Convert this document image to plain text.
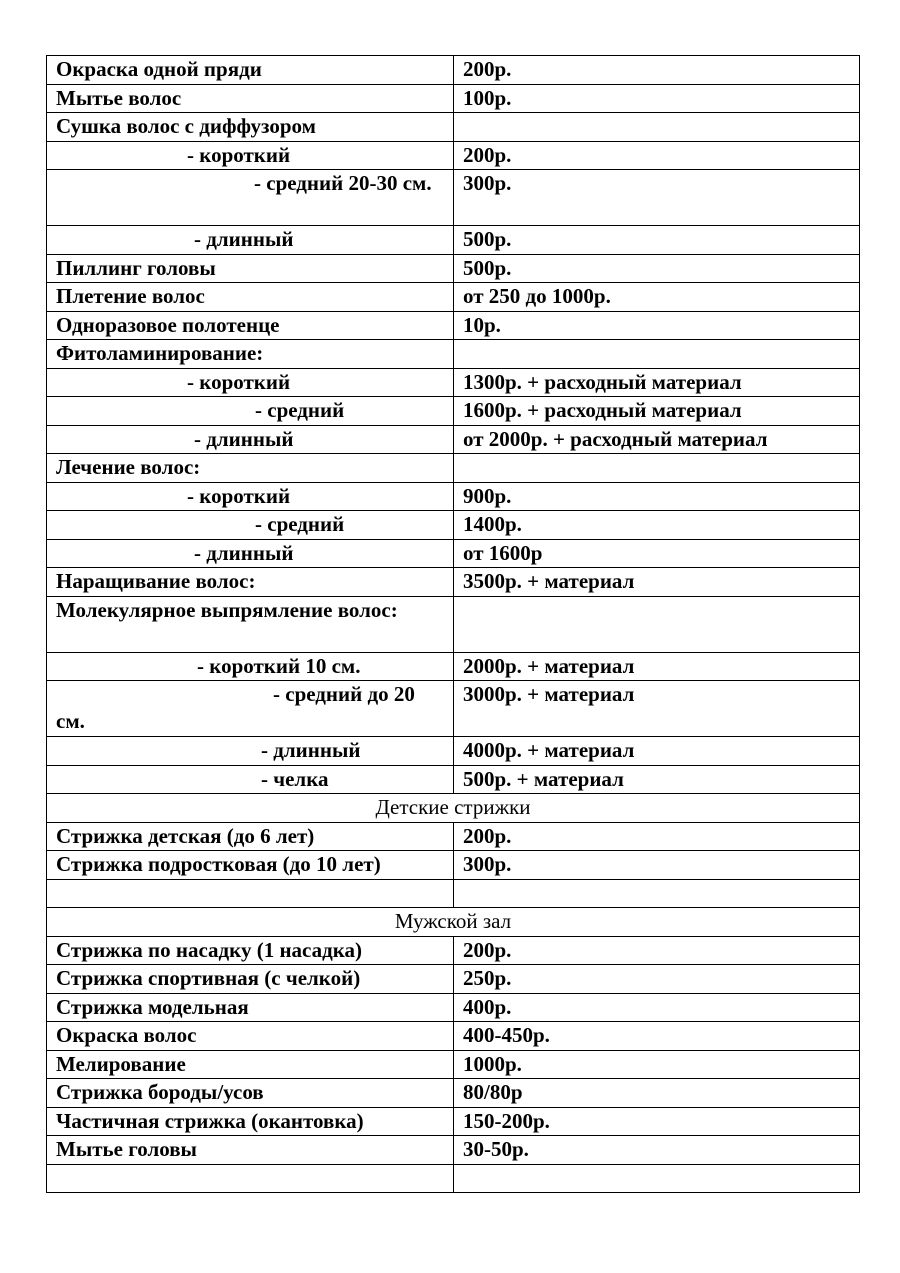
Окраска одной пряди	200р.
Мытье волос	100р.
Сушка волос с диффузором	
- короткий	200р.

- средний 20-30 см.	300р.
- длинный	500р.
Пиллинг головы	500р.
Плетение волос	от 250 до 1000р.
Одноразовое полотенце	10р.
Фитоламинирование:	
- короткий	1300р. + расходный материал
- средний	1600р. + расходный материал
- длинный	от 2000р. + расходный материал
Лечение волос:	
- короткий	900р.
- средний	1400р.
- длинный	от 1600р
Наращивание волос:	3500р. + материал
Молекулярное выпрямление волос:	
- короткий 10 см.	2000р. + материал

- средний до 20 см.	3000р. + материал
- длинный	4000р. + материал
- челка	500р. + материал
Детские стрижки	
Стрижка детская (до 6 лет)	200р.
Стрижка подростковая (до 10 лет)	300р.

Мужской зал	
Стрижка по насадку (1 насадка)	200р.
Стрижка спортивная (с челкой)	250р.
Стрижка модельная	400р.
Окраска волос	400-450р.
Мелирование	1000р.
Стрижка бороды/усов	80/80р
Частичная стрижка (окантовка)	150-200р.
Мытье головы	30-50р.
